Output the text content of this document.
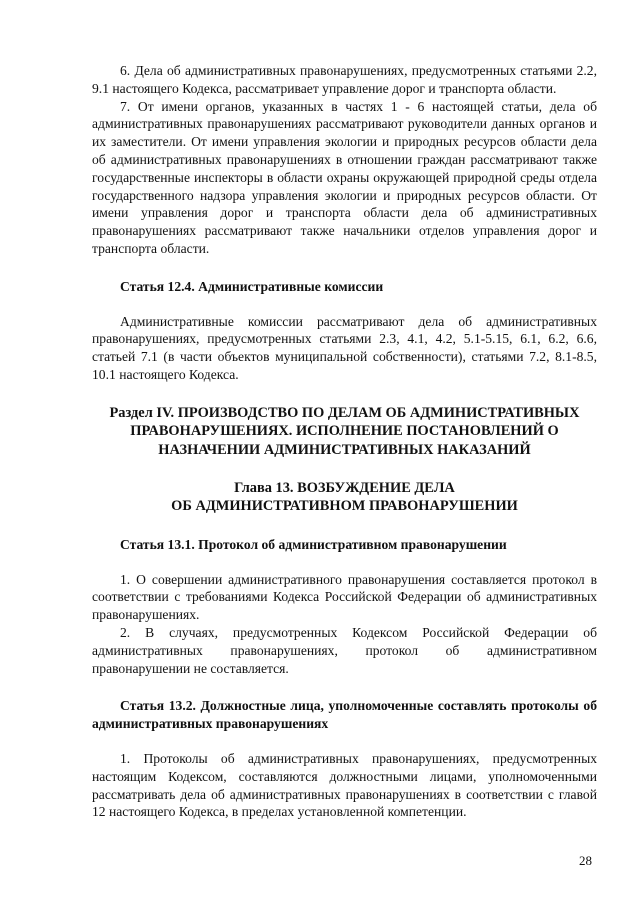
6. Дела об административных правонарушениях, предусмотренных статьями 2.2, 9.1 настоящего Кодекса, рассматривает управление дорог и транспорта области.

7. От имени органов, указанных в частях 1 - 6 настоящей статьи, дела об административных правонарушениях рассматривают руководители данных органов и их заместители. От имени управления экологии и природных ресурсов области дела об административных правонарушениях в отношении граждан рассматривают также государственные инспекторы в области охраны окружающей природной среды отдела государственного надзора управления экологии и природных ресурсов области. От имени управления дорог и транспорта области дела об административных правонарушениях рассматривают также начальники отделов управления дорог и транспорта области.

Статья 12.4. Административные комиссии

Административные комиссии рассматривают дела об административных правонарушениях, предусмотренных статьями 2.3, 4.1, 4.2, 5.1-5.15, 6.1, 6.2, 6.6, статьей 7.1 (в части объектов муниципальной собственности), статьями 7.2, 8.1-8.5, 10.1 настоящего Кодекса.

Раздел IV. ПРОИЗВОДСТВО ПО ДЕЛАМ ОБ АДМИНИСТРАТИВНЫХ

ПРАВОНАРУШЕНИЯХ. ИСПОЛНЕНИЕ ПОСТАНОВЛЕНИЙ О

НАЗНАЧЕНИИ АДМИНИСТРАТИВНЫХ НАКАЗАНИЙ

Глава 13. ВОЗБУЖДЕНИЕ ДЕЛА

ОБ АДМИНИСТРАТИВНОМ ПРАВОНАРУШЕНИИ

Статья 13.1. Протокол об административном правонарушении

1. О совершении административного правонарушения составляется протокол в соответствии с требованиями Кодекса Российской Федерации об административных правонарушениях.

2. В случаях, предусмотренных Кодексом Российской Федерации об административных правонарушениях, протокол об административном правонарушении не составляется.

Статья 13.2. Должностные лица, уполномоченные составлять протоколы об административных правонарушениях

1. Протоколы об административных правонарушениях, предусмотренных настоящим Кодексом, составляются должностными лицами, уполномоченными рассматривать дела об административных правонарушениях в соответствии с главой 12 настоящего Кодекса, в пределах установленной компетенции.

28
